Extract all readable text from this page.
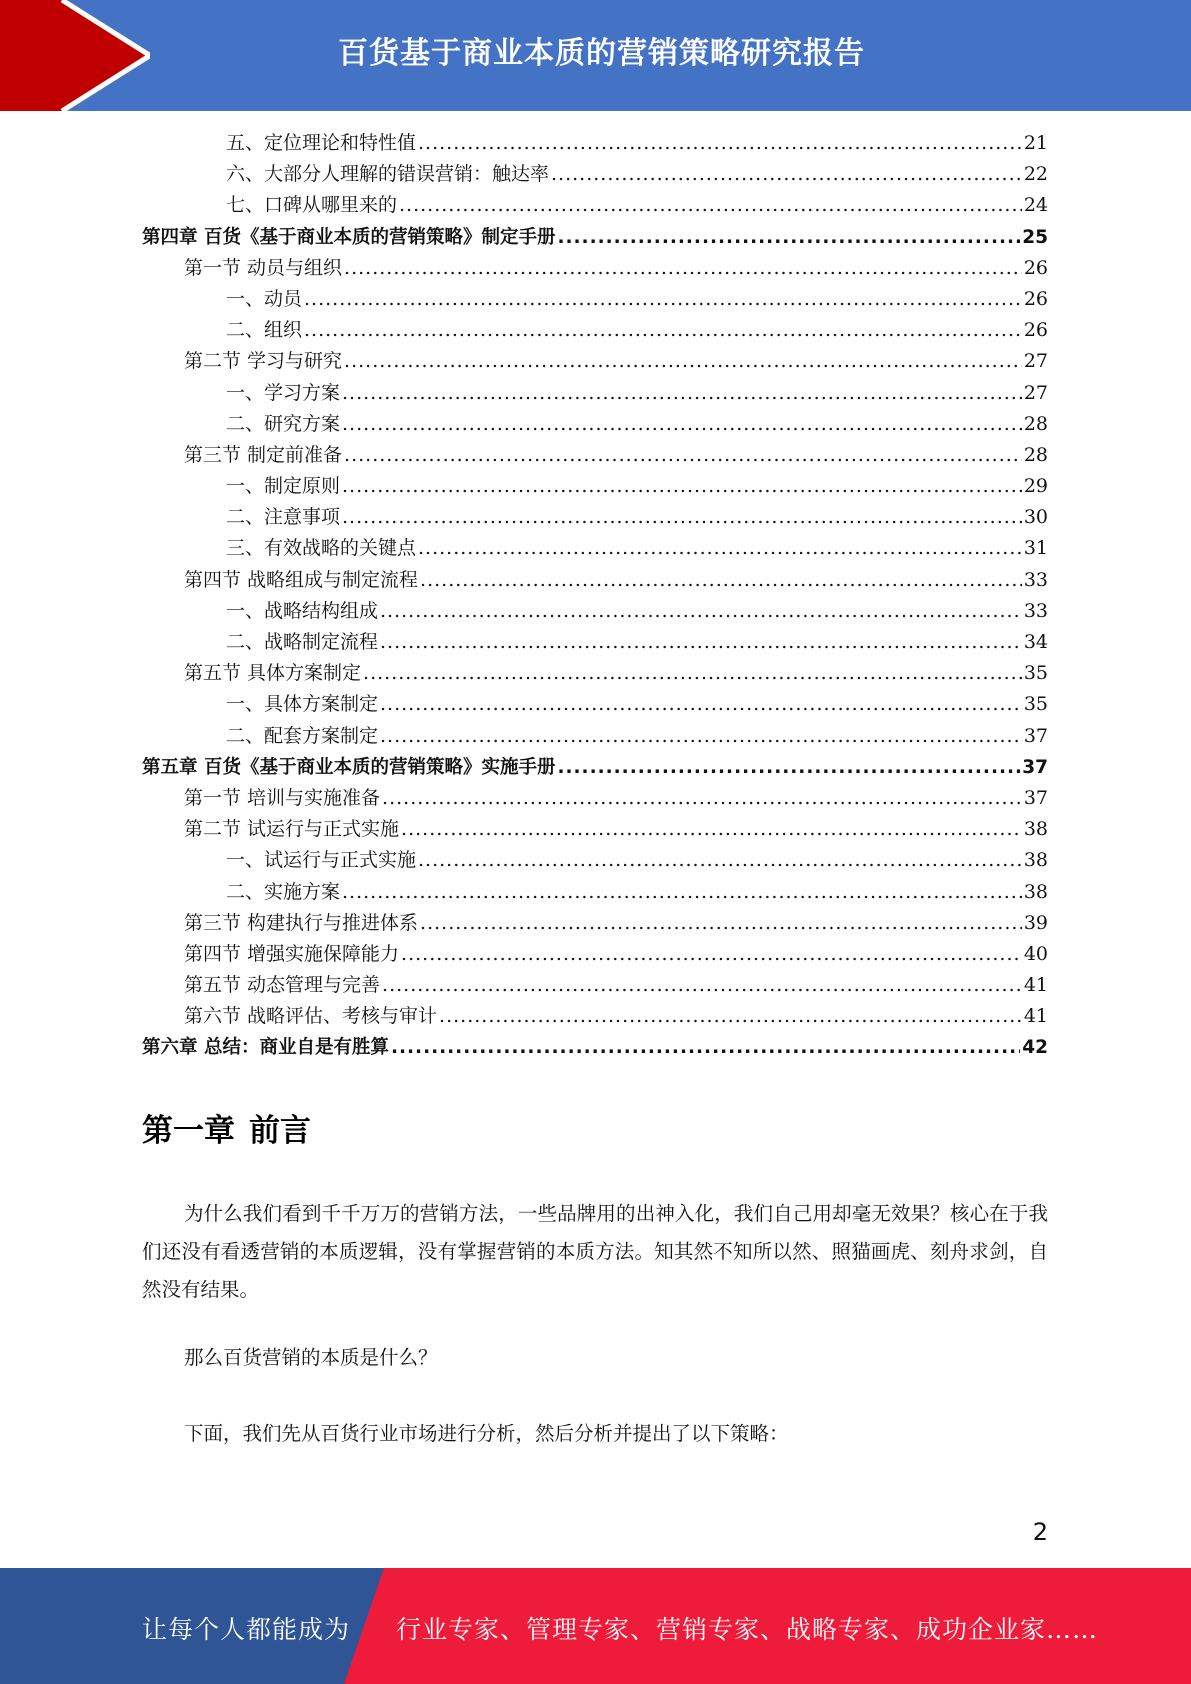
百货基于商业本质的营销策略研究报告
五、定位理论和特性值 .....	21
六、大部分人理解的错误营销：触达率 .....	22
七、口碑从哪里来的 .....	24
第四章 百货《基于商业本质的营销策略》制定手册 .....	25
第一节 动员与组织 .....	26
一、动员 .....	26
二、组织 .....	26
第二节 学习与研究 .....	27
一、学习方案 .....	27
二、研究方案 .....	28
第三节 制定前准备 .....	28
一、制定原则 .....	29
二、注意事项 .....	30
三、有效战略的关键点 .....	31
第四节 战略组成与制定流程 .....	33
一、战略结构组成 .....	33
二、战略制定流程 .....	34
第五节 具体方案制定 .....	35
一、具体方案制定 .....	35
二、配套方案制定 .....	37
第五章 百货《基于商业本质的营销策略》实施手册 .....	37
第一节 培训与实施准备 .....	37
第二节 试运行与正式实施 .....	38
一、试运行与正式实施 .....	38
二、实施方案 .....	38
第三节 构建执行与推进体系 .....	39
第四节 增强实施保障能力 .....	40
第五节 动态管理与完善 .....	41
第六节 战略评估、考核与审计 .....	41
第六章 总结：商业自是有胜算 .....	42
第一章 前言
为什么我们看到千千万万的营销方法，一些品牌用的出神入化，我们自己用却毫无效果？核心在于我们还没有看透营销的本质逻辑，没有掌握营销的本质方法。知其然不知所以然、照猫画虎、刻舟求剑，自然没有结果。
那么百货营销的本质是什么？
下面，我们先从百货行业市场进行分析，然后分析并提出了以下策略：
2
让每个人都能成为 行业专家、管理专家、营销专家、战略专家、成功企业家……
